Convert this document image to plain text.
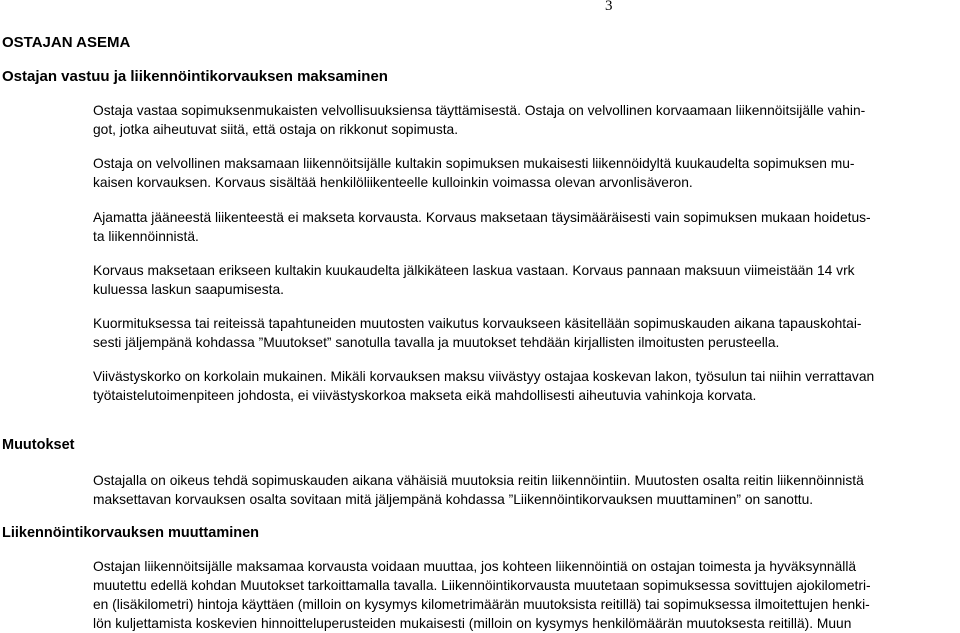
3
OSTAJAN ASEMA
Ostajan vastuu ja liikennöintikorvauksen maksaminen
Ostaja vastaa sopimuksenmukaisten velvollisuuksiensa täyttämisestä. Ostaja on velvollinen korvaamaan liikennöitsijälle vahin-
got, jotka aiheutuvat siitä, että ostaja on rikkonut sopimusta.
Ostaja on velvollinen maksamaan liikennöitsijälle kultakin sopimuksen mukaisesti liikennöidyltä kuukaudelta sopimuksen mu-
kaisen korvauksen. Korvaus sisältää henkilöliikenteelle kulloinkin voimassa olevan arvonlisäveron.
Ajamatta jääneestä liikenteestä ei makseta korvausta. Korvaus maksetaan täysimääräisesti vain sopimuksen mukaan hoidetus-
ta liikennöinnistä.
Korvaus maksetaan erikseen kultakin kuukaudelta jälkikäteen laskua vastaan. Korvaus pannaan maksuun viimeistään 14 vrk
kuluessa laskun saapumisesta.
Kuormituksessa tai reiteissä tapahtuneiden muutosten vaikutus korvaukseen käsitellään sopimuskauden aikana tapauskohtai-
sesti jäljempänä kohdassa ”Muutokset” sanotulla tavalla ja muutokset tehdään kirjallisten ilmoitusten perusteella.
Viivästyskorko on korkolain mukainen. Mikäli korvauksen maksu viivästyy ostajaa koskevan lakon, työsulun tai niihin verrattavan
työtaistelutoimenpiteen johdosta, ei viivästyskorkoa makseta eikä mahdollisesti aiheutuvia vahinkoja korvata.
Muutokset
Ostajalla on oikeus tehdä sopimuskauden aikana vähäisiä muutoksia reitin liikennöintiin. Muutosten osalta reitin liikennöinnistä
maksettavan korvauksen osalta sovitaan mitä jäljempänä kohdassa ”Liikennöintikorvauksen muuttaminen” on sanottu.
Liikennöintikorvauksen muuttaminen
Ostajan liikennöitsijälle maksamaa korvausta voidaan muuttaa, jos kohteen liikennöintiä on ostajan toimesta ja hyväksynnällä
muutettu edellä kohdan Muutokset tarkoittamalla tavalla. Liikennöintikorvausta muutetaan sopimuksessa sovittujen ajokilometri-
en (lisäkilometri) hintoja käyttäen (milloin on kysymys kilometrimäärän muutoksista reitillä) tai sopimuksessa ilmoitettujen henki-
lön kuljettamista koskevien hinnoitteluperusteiden mukaisesti (milloin on kysymys henkilömäärän muutoksesta reitillä). Muun
